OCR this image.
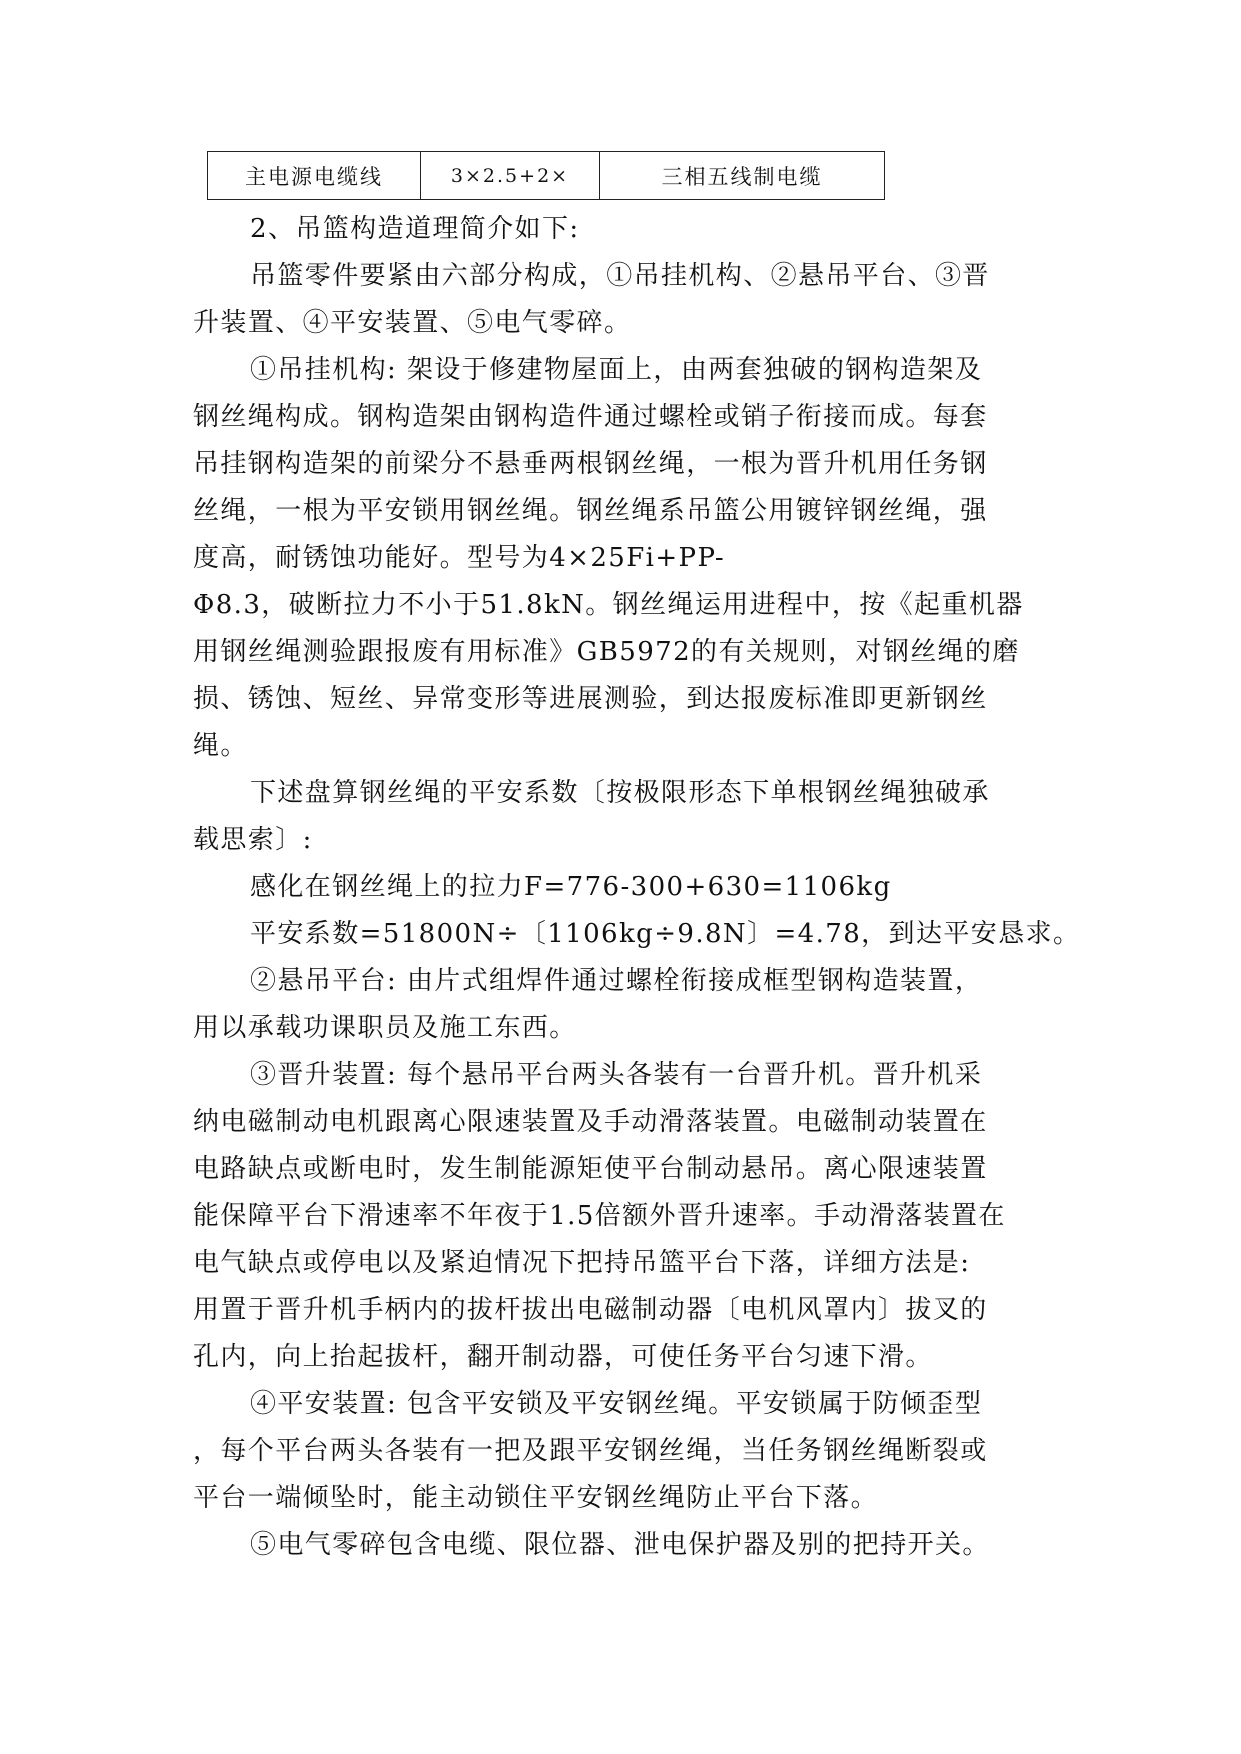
主电源电缆线	3×2.5+2×	三相五线制电缆
2、吊篮构造道理简介如下:
吊篮零件要紧由六部分构成，①吊挂机构、②悬吊平台、③晋
升装置、④平安装置、⑤电气零碎。
①吊挂机构: 架设于修建物屋面上，由两套独破的钢构造架及
钢丝绳构成。钢构造架由钢构造件通过螺栓或销子衔接而成。每套
吊挂钢构造架的前梁分不悬垂两根钢丝绳，一根为晋升机用任务钢
丝绳，一根为平安锁用钢丝绳。钢丝绳系吊篮公用镀锌钢丝绳，强
度高，耐锈蚀功能好。型号为4×25Fi+PP-
Φ8.3，破断拉力不小于51.8kN。钢丝绳运用进程中，按《起重机器
用钢丝绳测验跟报废有用标准》GB5972的有关规则，对钢丝绳的磨
损、锈蚀、短丝、异常变形等进展测验，到达报废标准即更新钢丝
绳。
下述盘算钢丝绳的平安系数〔按极限形态下单根钢丝绳独破承
载思索〕:
感化在钢丝绳上的拉力F=776-300+630=1106kg
平安系数=51800N÷〔1106kg÷9.8N〕=4.78，到达平安恳求。
②悬吊平台: 由片式组焊件通过螺栓衔接成框型钢构造装置，
用以承载功课职员及施工东西。
③晋升装置: 每个悬吊平台两头各装有一台晋升机。晋升机采
纳电磁制动电机跟离心限速装置及手动滑落装置。电磁制动装置在
电路缺点或断电时，发生制能源矩使平台制动悬吊。离心限速装置
能保障平台下滑速率不年夜于1.5倍额外晋升速率。手动滑落装置在
电气缺点或停电以及紧迫情况下把持吊篮平台下落，详细方法是:
用置于晋升机手柄内的拔杆拔出电磁制动器〔电机风罩内〕拔叉的
孔内，向上抬起拔杆，翻开制动器，可使任务平台匀速下滑。
④平安装置: 包含平安锁及平安钢丝绳。平安锁属于防倾歪型
，每个平台两头各装有一把及跟平安钢丝绳，当任务钢丝绳断裂或
平台一端倾坠时，能主动锁住平安钢丝绳防止平台下落。
⑤电气零碎包含电缆、限位器、泄电保护器及别的把持开关。
